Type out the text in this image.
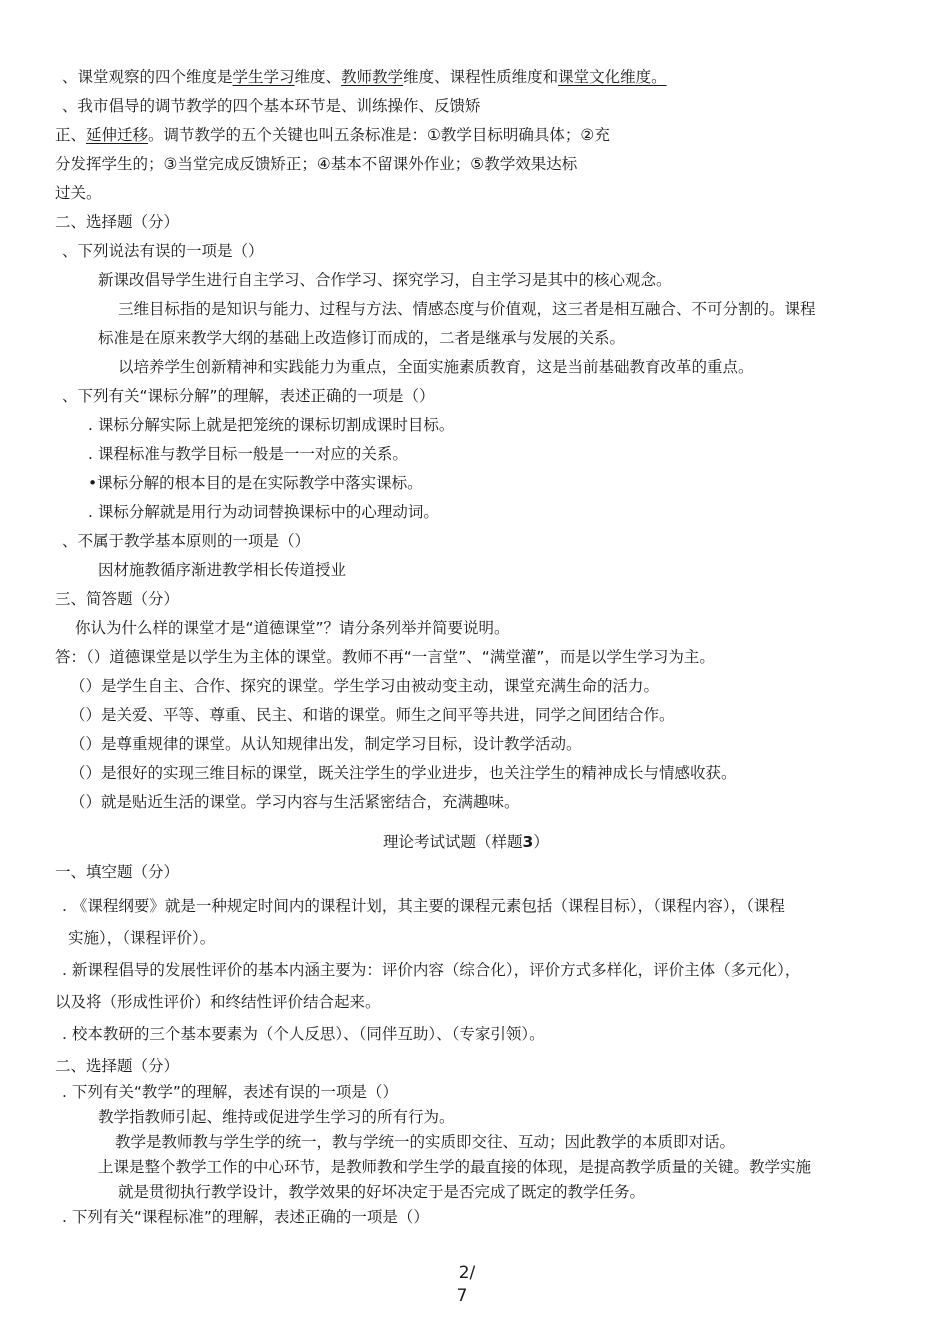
、课堂观察的四个维度是学生学习维度、教师教学维度、课程性质维度和课堂文化维度。
、我市倡导的调节教学的四个基本环节是、训练操作、反馈矫
正、延伸迁移。调节教学的五个关键也叫五条标准是：①教学目标明确具体；②充
分发挥学生的；③当堂完成反馈矫正；④基本不留课外作业；⑤教学效果达标
过关。
二、选择题（分）
、下列说法有误的一项是（）
新课改倡导学生进行自主学习、合作学习、探究学习，自主学习是其中的核心观念。
三维目标指的是知识与能力、过程与方法、情感态度与价值观，这三者是相互融合、不可分割的。课程
标准是在原来教学大纲的基础上改造修订而成的，二者是继承与发展的关系。
以培养学生创新精神和实践能力为重点，全面实施素质教育，这是当前基础教育改革的重点。
、下列有关“课标分解”的理解，表述正确的一项是（）
. 课标分解实际上就是把笼统的课标切割成课时目标。
. 课程标准与教学目标一般是一一对应的关系。
•课标分解的根本目的是在实际教学中落实课标。
. 课标分解就是用行为动词替换课标中的心理动词。
、不属于教学基本原则的一项是（）
因材施教循序渐进教学相长传道授业
三、简答题（分）
你认为什么样的课堂才是“道德课堂”？请分条列举并简要说明。
答：（）道德课堂是以学生为主体的课堂。教师不再“一言堂”、“满堂灌”，而是以学生学习为主。
（）是学生自主、合作、探究的课堂。学生学习由被动变主动，课堂充满生命的活力。
（）是关爱、平等、尊重、民主、和谐的课堂。师生之间平等共进，同学之间团结合作。
（）是尊重规律的课堂。从认知规律出发，制定学习目标，设计教学活动。
（）是很好的实现三维目标的课堂，既关注学生的学业进步，也关注学生的精神成长与情感收获。
（）就是贴近生活的课堂。学习内容与生活紧密结合，充满趣味。
理论考试试题（样题3）
一、填空题（分）
. 《课程纲要》就是一种规定时间内的课程计划，其主要的课程元素包括（课程目标），（课程内容），（课程
实施），（课程评价）。
. 新课程倡导的发展性评价的基本内涵主要为：评价内容（综合化），评价方式多样化，评价主体（多元化），
以及将（形成性评价）和终结性评价结合起来。
. 校本教研的三个基本要素为（个人反思）、（同伴互助）、（专家引领）。
二、选择题（分）
. 下列有关“教学”的理解，表述有误的一项是（）
教学指教师引起、维持或促进学生学习的所有行为。
教学是教师教与学生学的统一，教与学统一的实质即交往、互动；因此教学的本质即对话。
上课是整个教学工作的中心环节，是教师教和学生学的最直接的体现，是提高教学质量的关键。教学实施
就是贯彻执行教学设计，教学效果的好坏决定于是否完成了既定的教学任务。
. 下列有关“课程标准”的理解，表述正确的一项是（）
2/
7
